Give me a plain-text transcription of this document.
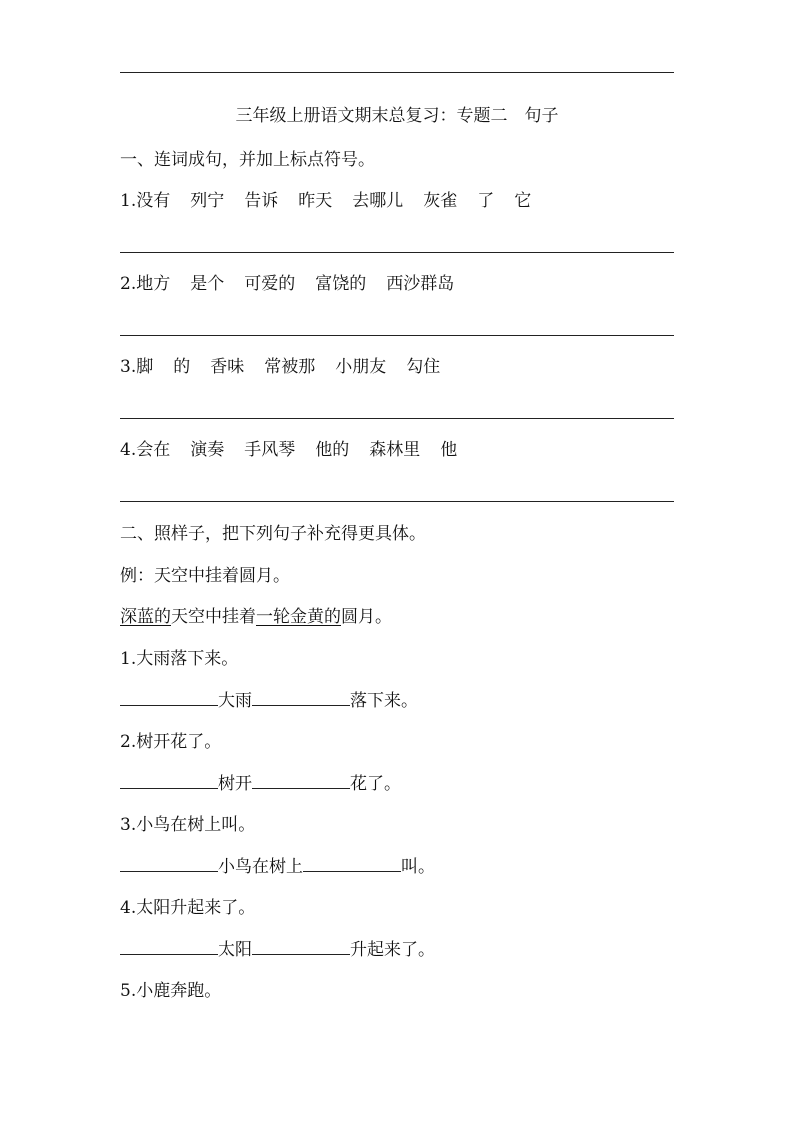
三年级上册语文期末总复习：专题二　句子
一、连词成句，并加上标点符号。
1.没有 列宁 告诉 昨天 去哪儿 灰雀 了 它
2.地方 是个 可爱的 富饶的 西沙群岛
3.脚 的 香味 常被那 小朋友 勾住
4.会在 演奏 手风琴 他的 森林里 他
二、照样子，把下列句子补充得更具体。
例：天空中挂着圆月。
深蓝的天空中挂着一轮金黄的圆月。
1.大雨落下来。
大雨	落下来。
2.树开花了。
树开	花了。
3.小鸟在树上叫。
小鸟在树上	叫。
4.太阳升起来了。
太阳	升起来了。
5.小鹿奔跑。
